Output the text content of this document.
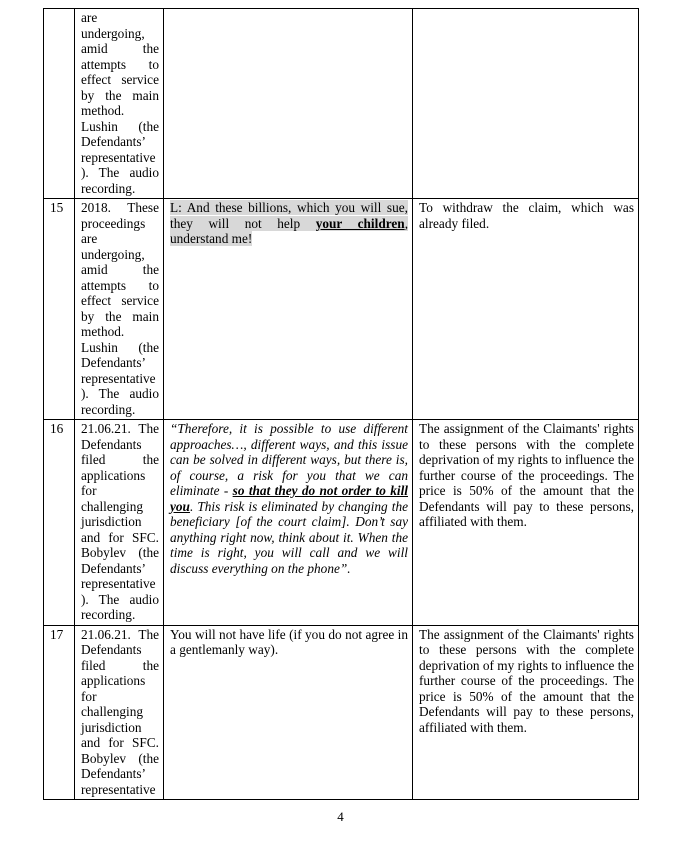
	are undergoing, amid the attempts to effect service by the main method. Lushin (the Defendants’ representative ). The audio recording.		
15	2018. These proceedings are undergoing, amid the attempts to effect service by the main method. Lushin (the Defendants’ representative ). The audio recording.	L: And these billions, which you will sue, they will not help your children, understand me!	To withdraw the claim, which was already filed.
16	21.06.21. The Defendants filed the applications for challenging jurisdiction and for SFC. Bobylev (the Defendants’ representative ). The audio recording.	“Therefore, it is possible to use different approaches…, different ways, and this issue can be solved in different ways, but there is, of course, a risk for you that we can eliminate - so that they do not order to kill you. This risk is eliminated by changing the beneficiary [of the court claim]. Don’t say anything right now, think about it. When the time is right, you will call and we will discuss everything on the phone”.	The assignment of the Claimants' rights to these persons with the complete deprivation of my rights to influence the further course of the proceedings. The price is 50% of the amount that the Defendants will pay to these persons, affiliated with them.
17	21.06.21. The Defendants filed the applications for challenging jurisdiction and for SFC. Bobylev (the Defendants’ representative	You will not have life (if you do not agree in a gentlemanly way).	The assignment of the Claimants' rights to these persons with the complete deprivation of my rights to influence the further course of the proceedings. The price is 50% of the amount that the Defendants will pay to these persons, affiliated with them.
4
